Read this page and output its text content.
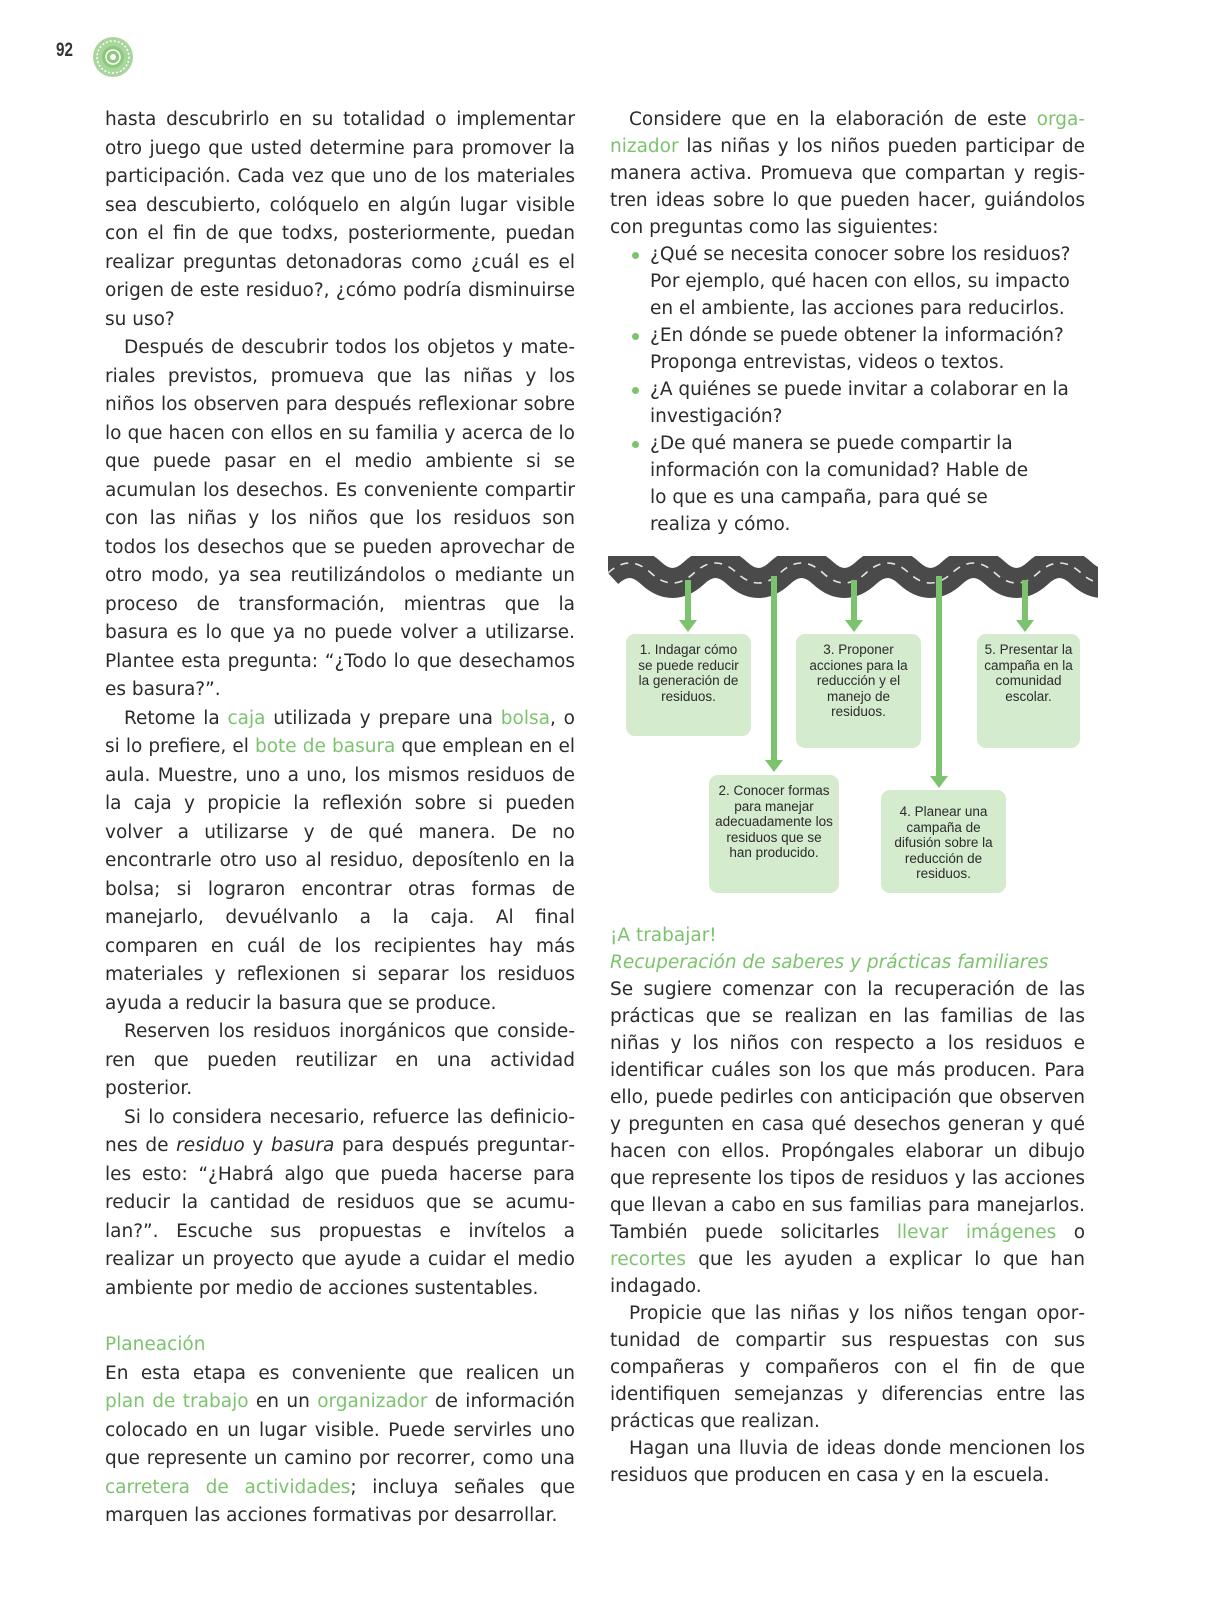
92

hasta descubrirlo en su totalidad o implementar otro juego que usted determine para promover la participación. Cada vez que uno de los materiales sea descubierto, colóquelo en algún lugar visible con el fin de que todxs, posteriormente, puedan realizar preguntas detonadoras como ¿cuál es el origen de este residuo?, ¿cómo podría disminuirse su uso?

Después de descubrir todos los objetos y materiales previstos, promueva que las niñas y los niños los observen para después reflexionar sobre lo que hacen con ellos en su familia y acerca de lo que puede pasar en el medio ambiente si se acumulan los desechos. Es conveniente compartir con las niñas y los niños que los residuos son todos los desechos que se pueden aprovechar de otro modo, ya sea reutilizándolos o mediante un proceso de transformación, mientras que la basura es lo que ya no puede volver a utilizarse. Plantee esta pregunta: “¿Todo lo que desechamos es basura?”.

Retome la caja utilizada y prepare una bolsa, o si lo prefiere, el bote de basura que emplean en el aula. Muestre, uno a uno, los mismos residuos de la caja y propicie la reflexión sobre si pueden volver a utilizarse y de qué manera. De no encontrarle otro uso al residuo, deposítenlo en la bolsa; si lograron encontrar otras formas de manejarlo, devuélvanlo a la caja. Al final comparen en cuál de los recipientes hay más materiales y reflexionen si separar los residuos ayuda a reducir la basura que se produce.

Reserven los residuos inorgánicos que consideren que pueden reutilizar en una actividad posterior.

Si lo considera necesario, refuerce las definiciones de residuo y basura para después preguntarles esto: “¿Habrá algo que pueda hacerse para reducir la cantidad de residuos que se acumulan?”. Escuche sus propuestas e invítelos a realizar un proyecto que ayude a cuidar el medio ambiente por medio de acciones sustentables.

Planeación

En esta etapa es conveniente que realicen un plan de trabajo en un organizador de información colocado en un lugar visible. Puede servirles uno que represente un camino por recorrer, como una carretera de actividades; incluya señales que marquen las acciones formativas por desarrollar.

Considere que en la elaboración de este organizador las niñas y los niños pueden participar de manera activa. Promueva que compartan y registren ideas sobre lo que pueden hacer, guiándolos con preguntas como las siguientes:

¿Qué se necesita conocer sobre los residuos? Por ejemplo, qué hacen con ellos, su impacto en el ambiente, las acciones para reducirlos.
¿En dónde se puede obtener la información? Proponga entrevistas, videos o textos.
¿A quiénes se puede invitar a colaborar en la investigación?
¿De qué manera se puede compartir la información con la comunidad? Hable de lo que es una campaña, para qué se realiza y cómo.
1. Indagar cómo se puede reducir la generación de residuos.
2. Conocer formas para manejar adecuadamente los residuos que se han producido.
3. Proponer acciones para la reducción y el manejo de residuos.
4. Planear una campaña de difusión sobre la reducción de residuos.
5. Presentar la campaña en la comunidad escolar.
¡A trabajar!

Recuperación de saberes y prácticas familiares

Se sugiere comenzar con la recuperación de las prácticas que se realizan en las familias de las niñas y los niños con respecto a los residuos e identificar cuáles son los que más producen. Para ello, puede pedirles con anticipación que observen y pregunten en casa qué desechos generan y qué hacen con ellos. Propóngales elaborar un dibujo que represente los tipos de residuos y las acciones que llevan a cabo en sus familias para manejarlos. También puede solicitarles llevar imágenes o recortes que les ayuden a explicar lo que han indagado.

Propicie que las niñas y los niños tengan oportunidad de compartir sus respuestas con sus compañeras y compañeros con el fin de que identifiquen semejanzas y diferencias entre las prácticas que realizan.

Hagan una lluvia de ideas donde mencionen los residuos que producen en casa y en la escuela.
